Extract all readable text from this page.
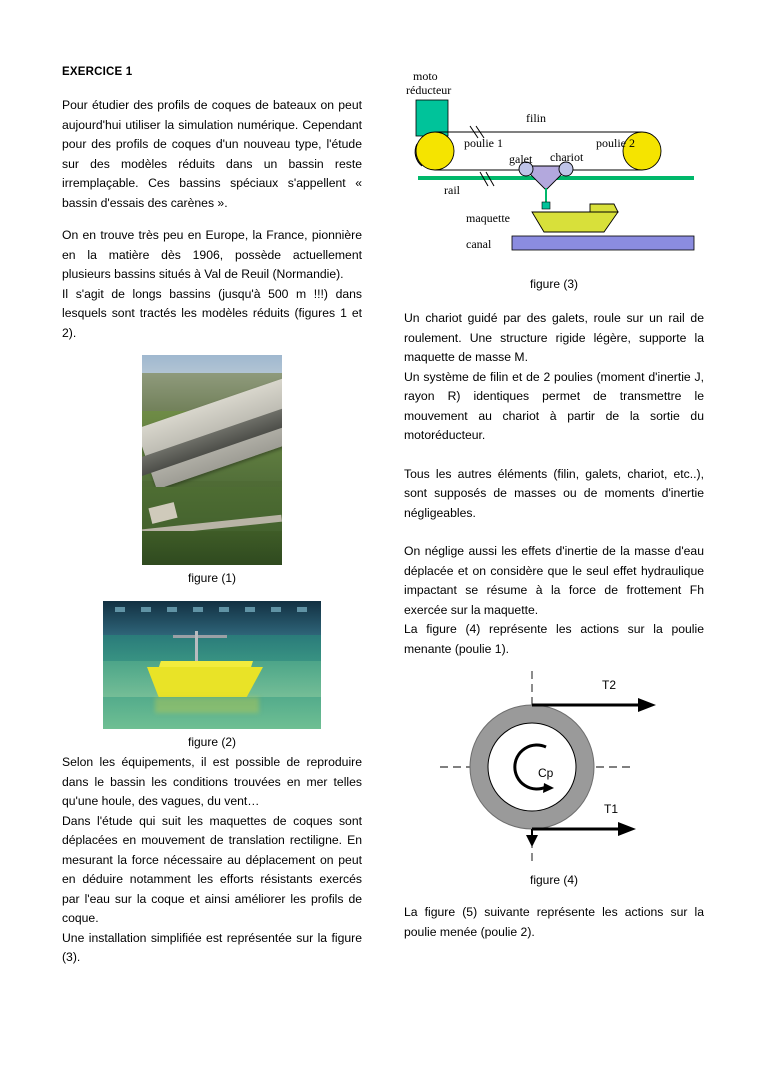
EXERCICE 1

Pour étudier des profils de coques de bateaux on peut aujourd'hui utiliser la simulation numérique. Cependant pour des profils de coques d'un nouveau type, l'étude sur des modèles réduits dans un bassin reste irremplaçable. Ces bassins spéciaux s'appellent « bassin d'essais des carènes ».

On en trouve très peu en Europe, la France, pionnière en la matière dès 1906, possède actuellement plusieurs bassins situés à Val de Reuil (Normandie).

Il s'agit de longs bassins (jusqu'à 500 m !!!) dans lesquels sont tractés les modèles réduits (figures 1 et 2).

figure (1)
figure (2)

Selon les équipements, il est possible de reproduire dans le bassin les conditions trouvées en mer telles qu'une houle, des vagues, du vent…

Dans l'étude qui suit les maquettes de coques sont déplacées en mouvement de translation rectiligne. En mesurant la force nécessaire au déplacement on peut en déduire notamment les efforts résistants exercés par l'eau sur la coque et ainsi améliorer les profils de coque.

Une installation simplifiée est représentée sur la figure (3).

moto
réducteur
filin
poulie 1	poulie 2
galet chariot
rail
maquette
canal
figure (3)

Un chariot guidé par des galets, roule sur un rail de roulement. Une structure rigide légère, supporte la maquette de masse M.

Un système de filin et de 2 poulies (moment d'inertie J, rayon R) identiques permet de transmettre le mouvement au chariot à partir de la sortie du motoréducteur.

Tous les autres éléments (filin, galets, chariot, etc..), sont supposés de masses ou de moments d'inertie négligeables.

On néglige aussi les effets d'inertie de la masse d'eau déplacée et on considère que le seul effet hydraulique impactant se résume à la force de frottement Fh exercée sur la maquette.

La figure (4) représente les actions sur la poulie menante (poulie 1).

Cp
T2
T1
figure (4)

La figure (5) suivante représente les actions sur la poulie menée (poulie 2).
